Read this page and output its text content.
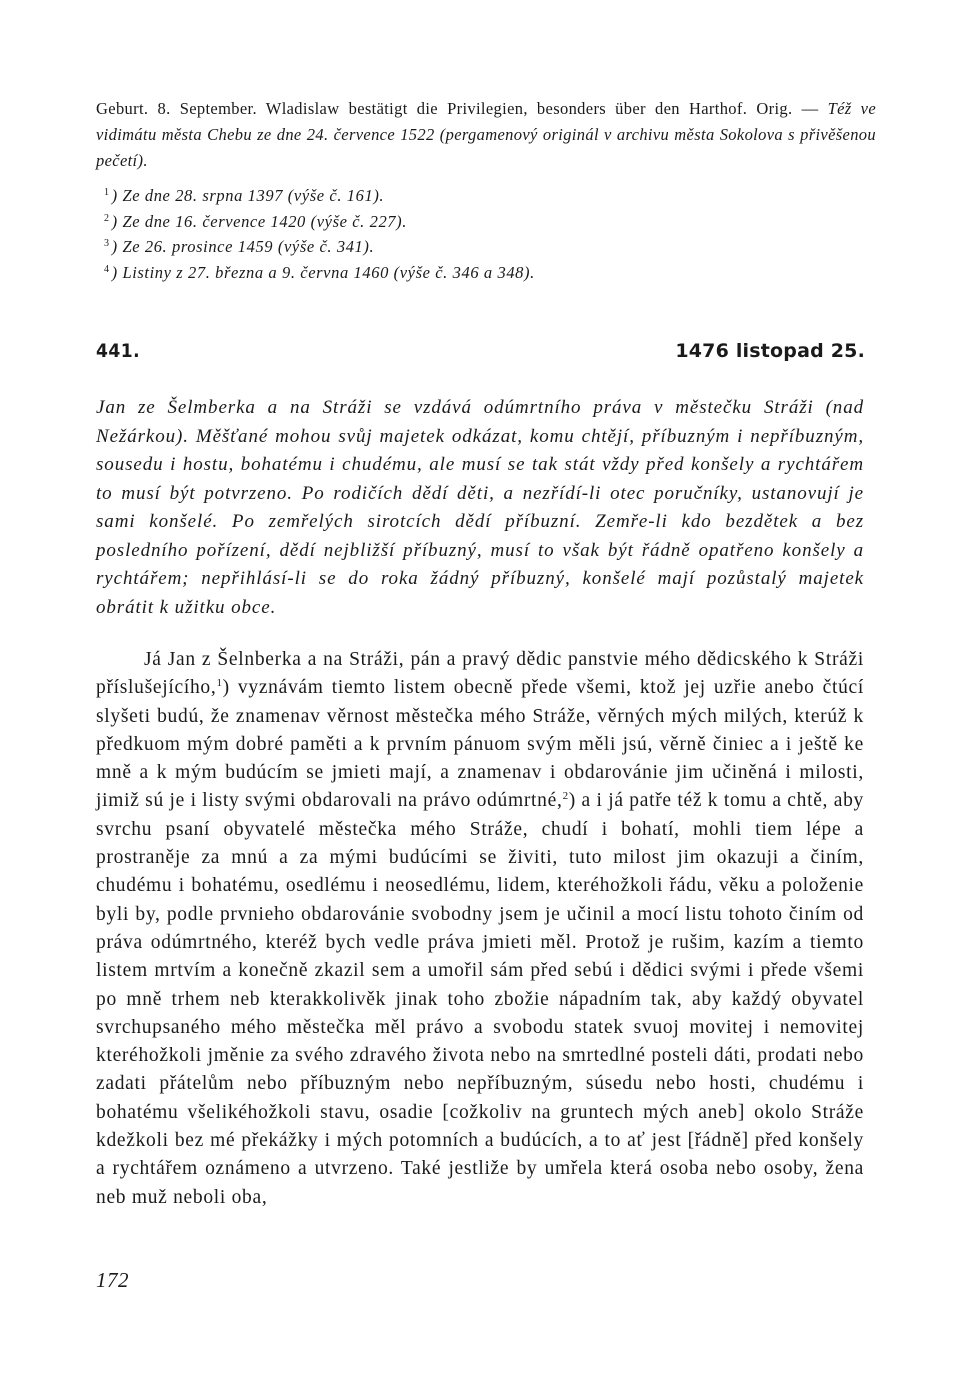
Geburt. 8. September. Wladislaw bestätigt die Privilegien, besonders über den Harthof. Orig. — Též ve vidimátu města Chebu ze dne 24. července 1522 (pergamenový originál v archivu města Sokolova s přivěšenou pečetí).
$^1$ ) Ze dne 28. srpna 1397 (výše č. 161).
$^2$ ) Ze dne 16. července 1420 (výše č. 227).
$^3$ ) Ze 26. prosince 1459 (výše č. 341).
$^4$ ) Listiny z 27. března a 9. června 1460 (výše č. 346 a 348).
441.	1476 listopad 25.
Jan ze Šelmberka a na Stráži se vzdává odúmrtního práva v městečku Stráži (nad Nežárkou). Měšťané mohou svůj majetek odkázat, komu chtějí, příbuzným i nepříbuzným, sousedu i hostu, bohatému i chudému, ale musí se tak stát vždy před konšely a rychtářem to musí být potvrzeno. Po rodičích dědí děti, a nezřídí-li otec poručníky, ustanovují je sami konšelé. Po zemřelých sirotcích dědí příbuzní. Zemře-li kdo bezdětek a bez posledního pořízení, dědí nejbližší příbuzný, musí to však být řádně opatřeno konšely a rychtářem; nepřihlásí-li se do roka žádný příbuzný, konšelé mají pozůstalý majetek obrátit k užitku obce.
Já Jan z Šelnberka a na Stráži, pán a pravý dědic panstvie mého dědicského k Stráži příslušejícího,$^1$) vyznávám tiemto listem obecně přede všemi, ktož jej uzřie anebo čtúcí slyšeti budú, že znamenav věrnost městečka mého Stráže, věrných mých milých, kterúž k předkuom mým dobré paměti a k prvním pánuom svým měli jsú, věrně činiec a i ještě ke mně a k mým budúcím se jmieti mají, a znamenav i obdarovánie jim učiněná i milosti, jimiž sú je i listy svými obdarovali na právo odúmrtné,$^2$) a i já patře též k tomu a chtě, aby svrchu psaní obyvatelé městečka mého Stráže, chudí i bohatí, mohli tiem lépe a prostraněje za mnú a za mými budúcími se živiti, tuto milost jim okazuji a činím, chudému i bohatému, osedlému i neosedlému, lidem, kteréhožkoli řádu, věku a položenie byli by, podle prvnieho obdarovánie svobodny jsem je učinil a mocí listu tohoto činím od práva odúmrtného, kteréž bych vedle práva jmieti měl. Protož je rušim, kazím a tiemto listem mrtvím a konečně zkazil sem a umořil sám před sebú i dědici svými i přede všemi po mně trhem neb kterakkolivěk jinak toho zbožie nápadním tak, aby každý obyvatel svrchupsaného mého městečka měl právo a svobodu statek svuoj movitej i nemovitej kteréhožkoli jměnie za svého zdravého života nebo na smrtedlné posteli dáti, prodati nebo zadati přátelům nebo příbuzným nebo nepříbuzným, súsedu nebo hosti, chudému i bohatému všelikéhožkoli stavu, osadie [cožkoliv na gruntech mých aneb] okolo Stráže kdežkoli bez mé překážky i mých potomních a budúcích, a to ať jest [řádně] před konšely a rychtářem oznámeno a utvrzeno. Také jestliže by umřela která osoba nebo osoby, žena neb muž neboli oba,
172
